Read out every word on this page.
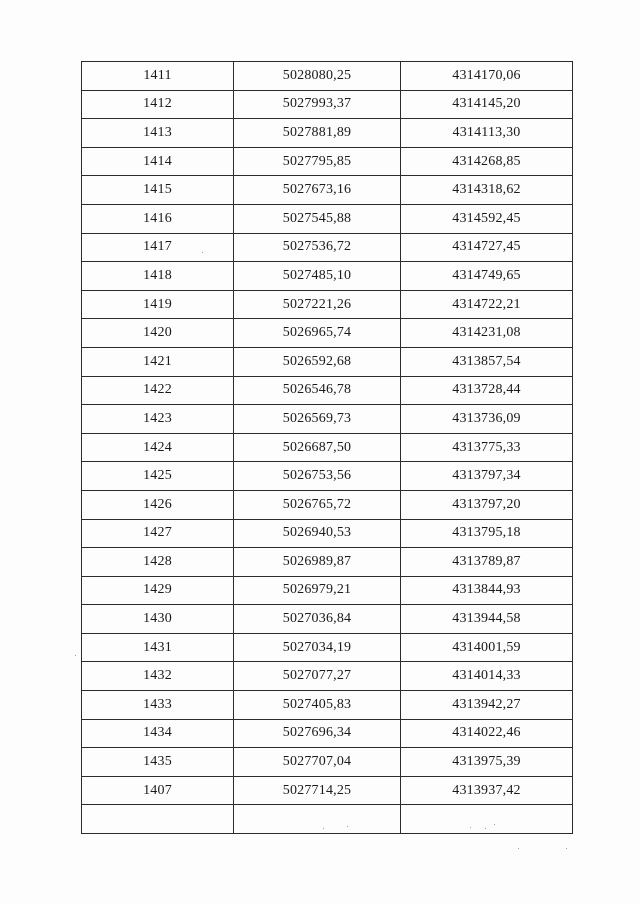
1411	5028080,25	4314170,06
1412	5027993,37	4314145,20
1413	5027881,89	4314113,30
1414	5027795,85	4314268,85
1415	5027673,16	4314318,62
1416	5027545,88	4314592,45
1417	5027536,72	4314727,45
1418	5027485,10	4314749,65
1419	5027221,26	4314722,21
1420	5026965,74	4314231,08
1421	5026592,68	4313857,54
1422	5026546,78	4313728,44
1423	5026569,73	4313736,09
1424	5026687,50	4313775,33
1425	5026753,56	4313797,34
1426	5026765,72	4313797,20
1427	5026940,53	4313795,18
1428	5026989,87	4313789,87
1429	5026979,21	4313844,93
1430	5027036,84	4313944,58
1431	5027034,19	4314001,59
1432	5027077,27	4314014,33
1433	5027405,83	4313942,27
1434	5027696,34	4314022,46
1435	5027707,04	4313975,39
1407	5027714,25	4313937,42
